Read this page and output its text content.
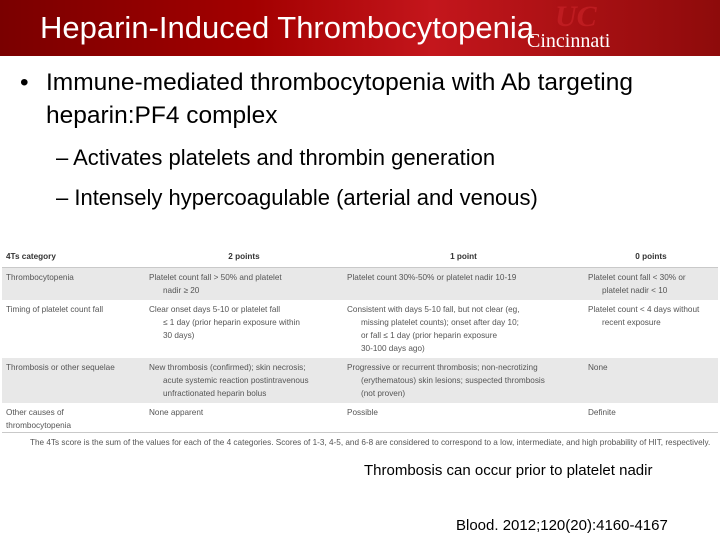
UC
Cincinnati
Heparin-Induced Thrombocytopenia
• Immune-mediated thrombocytopenia with Ab targeting heparin:PF4 complex
– Activates platelets and thrombin generation
– Intensely hypercoagulable (arterial and venous)
4Ts category	2 points	1 point	0 points

Thrombocytopenia	Platelet count fall > 50% and platelet
nadir ≥ 20	Platelet count 30%-50% or platelet nadir 10-19	Platelet count fall < 30% or
platelet nadir < 10

Timing of platelet count fall	Clear onset days 5-10 or platelet fall
≤ 1 day (prior heparin exposure within
30 days)	Consistent with days 5-10 fall, but not clear (eg,
missing platelet counts); onset after day 10;
or fall ≤ 1 day (prior heparin exposure
30-100 days ago)	Platelet count < 4 days without
recent exposure

Thrombosis or other sequelae	New thrombosis (confirmed); skin necrosis;
acute systemic reaction postintravenous
unfractionated heparin bolus	Progressive or recurrent thrombosis; non-necrotizing
(erythematous) skin lesions; suspected thrombosis
(not proven)	None

Other causes of
thrombocytopenia	None apparent	Possible	Definite
The 4Ts score is the sum of the values for each of the 4 categories. Scores of 1-3, 4-5, and 6-8 are considered to correspond to a low, intermediate, and high probability of HIT, respectively.
Thrombosis can occur prior to platelet nadir
Blood. 2012;120(20):4160-4167
